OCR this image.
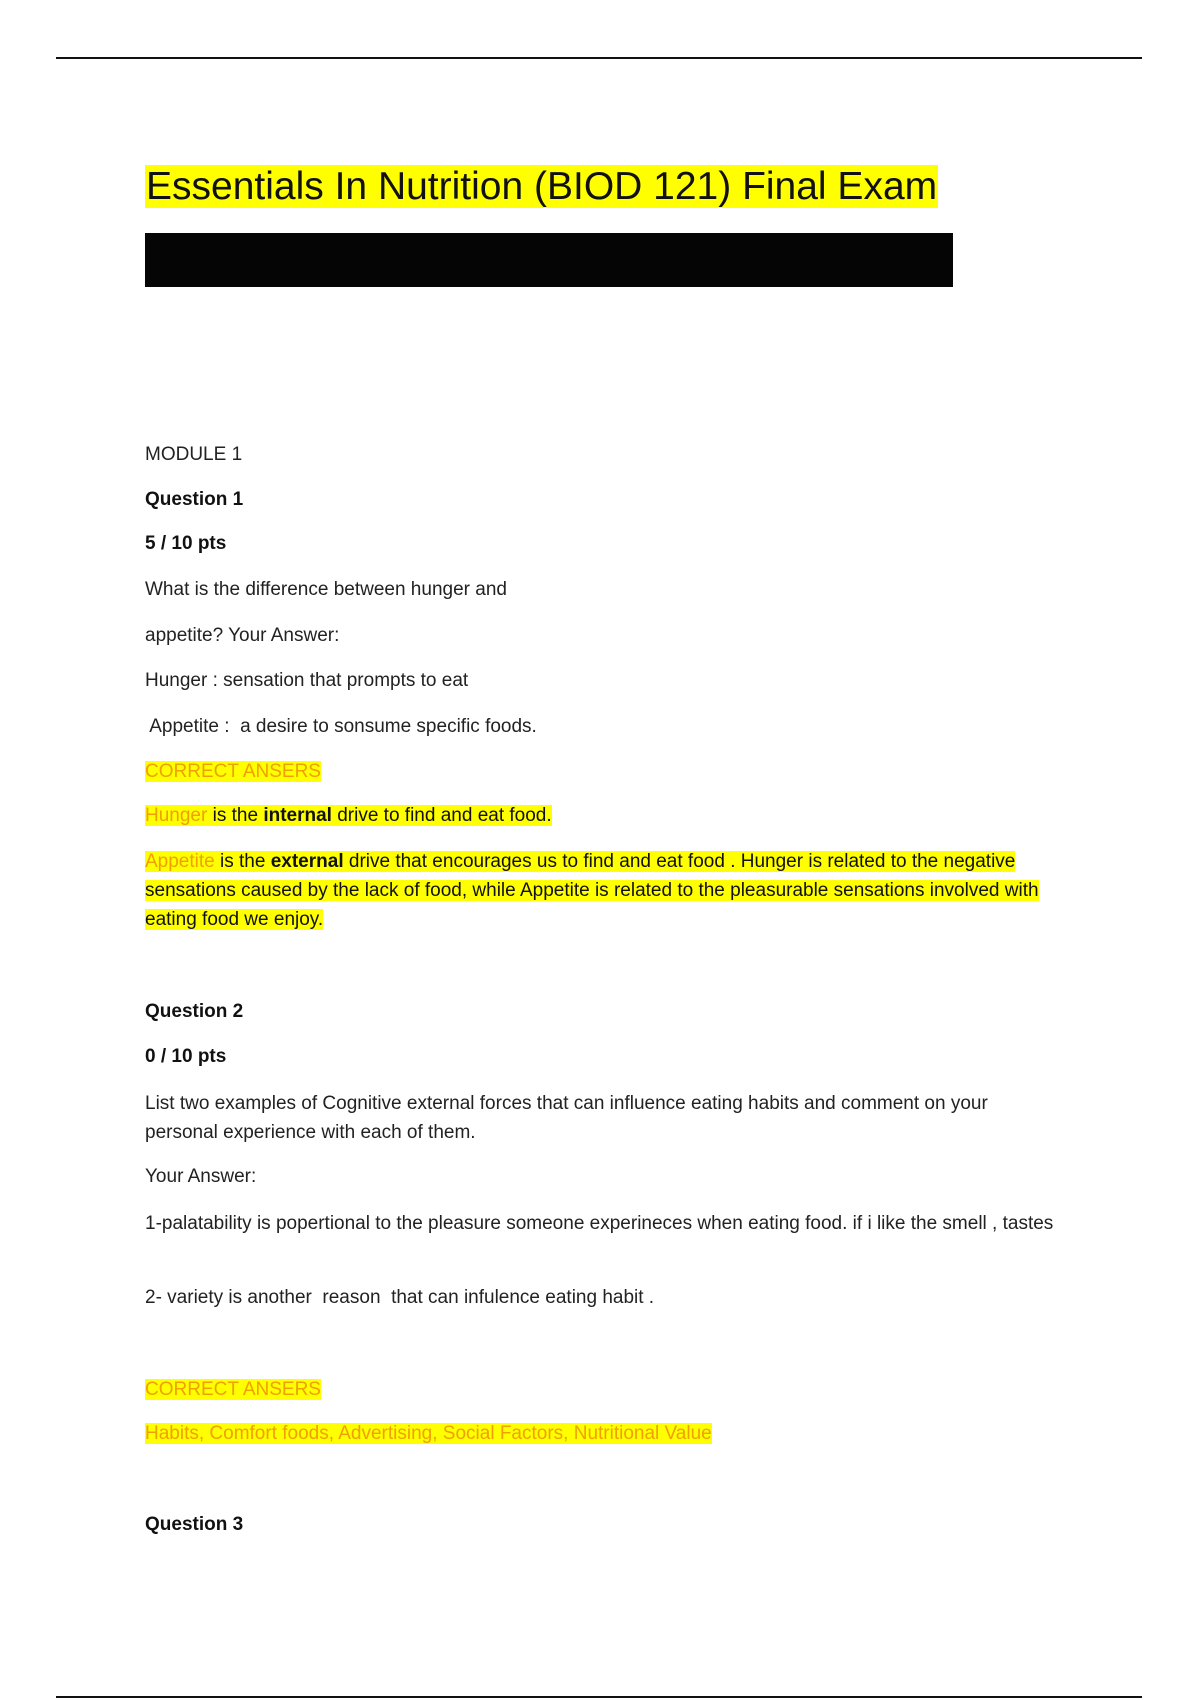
Essentials In Nutrition (BIOD 121) Final Exam

MODULE 1

Question 1

5 / 10 pts

What is the difference between hunger and

appetite? Your Answer:

Hunger : sensation that prompts to eat

Appetite :  a desire to sonsume specific foods.

CORRECT ANSERS

Hunger is the internal drive to find and eat food.

Appetite is the external drive that encourages us to find and eat food . Hunger is related to the negative sensations caused by the lack of food, while Appetite is related to the pleasurable sensations involved with eating food we enjoy.

Question 2

0 / 10 pts

List two examples of Cognitive external forces that can influence eating habits and comment on your personal experience with each of them.

Your Answer:

1-palatability is popertional to the pleasure someone experineces when eating food. if i like the smell , tastes

2- variety is another  reason  that can infulence eating habit .

CORRECT ANSERS

Habits, Comfort foods, Advertising, Social Factors, Nutritional Value

Question 3
